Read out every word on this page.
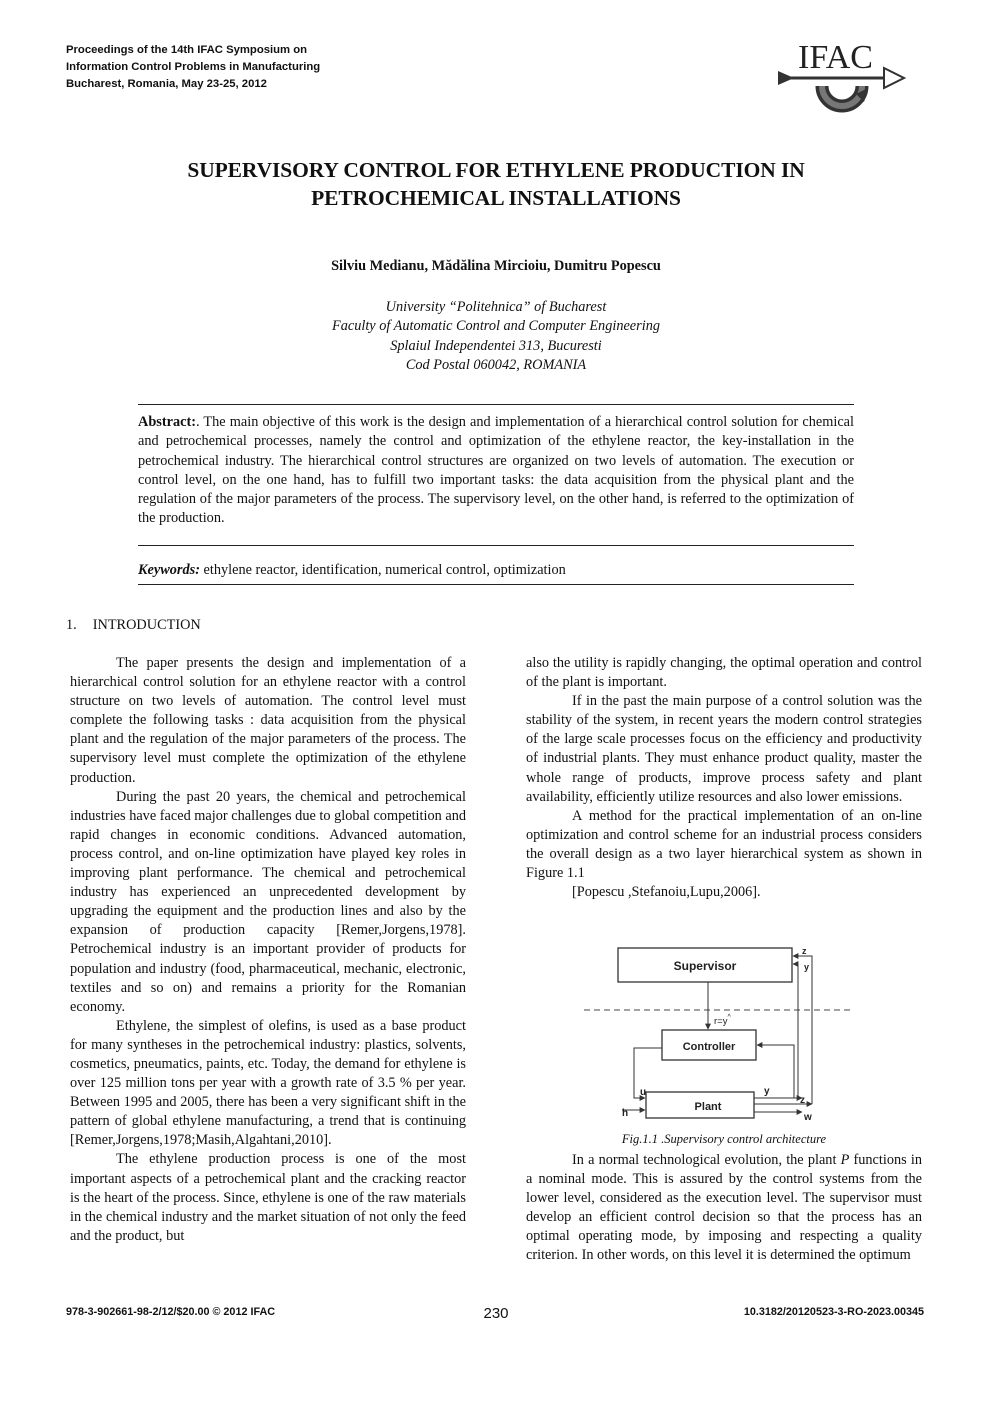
Proceedings of the 14th IFAC Symposium on
Information Control Problems in Manufacturing
Bucharest, Romania, May 23-25, 2012
IFAC
SUPERVISORY CONTROL FOR ETHYLENE PRODUCTION IN
PETROCHEMICAL INSTALLATIONS
Silviu Medianu, Mădălina Mircioiu, Dumitru Popescu
University “Politehnica” of Bucharest
Faculty of Automatic Control and Computer Engineering
Splaiul Independentei 313, Bucuresti
Cod Postal 060042, ROMANIA
Abstract:. The main objective of this work is the design and implementation of a hierarchical control solution for chemical and petrochemical processes, namely the control and optimization of the ethylene reactor, the key-installation in the petrochemical industry. The hierarchical control structures are organized on two levels of automation. The execution or control level, on the one hand, has to fulfill two important tasks: the data acquisition from the physical plant and the regulation of the major parameters of the process. The supervisory level, on the other hand, is referred to the optimization of the production.
Keywords: ethylene reactor, identification, numerical control, optimization
1. INTRODUCTION

The paper presents the design and implementation of a hierarchical control solution for an ethylene reactor with a control structure on two levels of automation. The control level must complete the following tasks : data acquisition from the physical plant and the regulation of the major parameters of the process. The supervisory level must complete the optimization of the ethylene production.

During the past 20 years, the chemical and petrochemical industries have faced major challenges due to global competition and rapid changes in economic conditions. Advanced automation, process control, and on-line optimization have played key roles in improving plant performance. The chemical and petrochemical industry has experienced an unprecedented development by upgrading the equipment and the production lines and also by the expansion of production capacity [Remer,Jorgens,1978]. Petrochemical industry is an important provider of products for population and industry (food, pharmaceutical, mechanic, electronic, textiles and so on) and remains a priority for the Romanian economy.

Ethylene, the simplest of olefins, is used as a base product for many syntheses in the petrochemical industry: plastics, solvents, cosmetics, pneumatics, paints, etc. Today, the demand for ethylene is over 125 million tons per year with a growth rate of 3.5 % per year. Between 1995 and 2005, there has been a very significant shift in the pattern of global ethylene manufacturing, a trend that is continuing [Remer,Jorgens,1978;Masih,Algahtani,2010].

The ethylene production process is one of the most important aspects of a petrochemical plant and the cracking reactor is the heart of the process. Since, ethylene is one of the raw materials in the chemical industry and the market situation of not only the feed and the product, but

also the utility is rapidly changing, the optimal operation and control of the plant is important.

If in the past the main purpose of a control solution was the stability of the system, in recent years the modern control strategies of the large scale processes focus on the efficiency and productivity of industrial plants. They must enhance product quality, master the whole range of products, improve process safety and plant availability, efficiently utilize resources and also lower emissions.

A method for the practical implementation of an on-line optimization and control scheme for an industrial process considers the overall design as a two layer hierarchical system as shown in Figure 1.1

[Popescu ,Stefanoiu,Lupu,2006].

Supervisor
Controller
Plant
r=y^
u
h
y
z
w
y
z
Fig.1.1 .Supervisory control architecture

In a normal technological evolution, the plant P functions in a nominal mode. This is assured by the control systems from the lower level, considered as the execution level. The supervisor must develop an efficient control decision so that the process has an optimal operating mode, by imposing and respecting a quality criterion. In other words, on this level it is determined the optimum

978-3-902661-98-2/12/$20.00 © 2012 IFAC	230	10.3182/20120523-3-RO-2023.00345
